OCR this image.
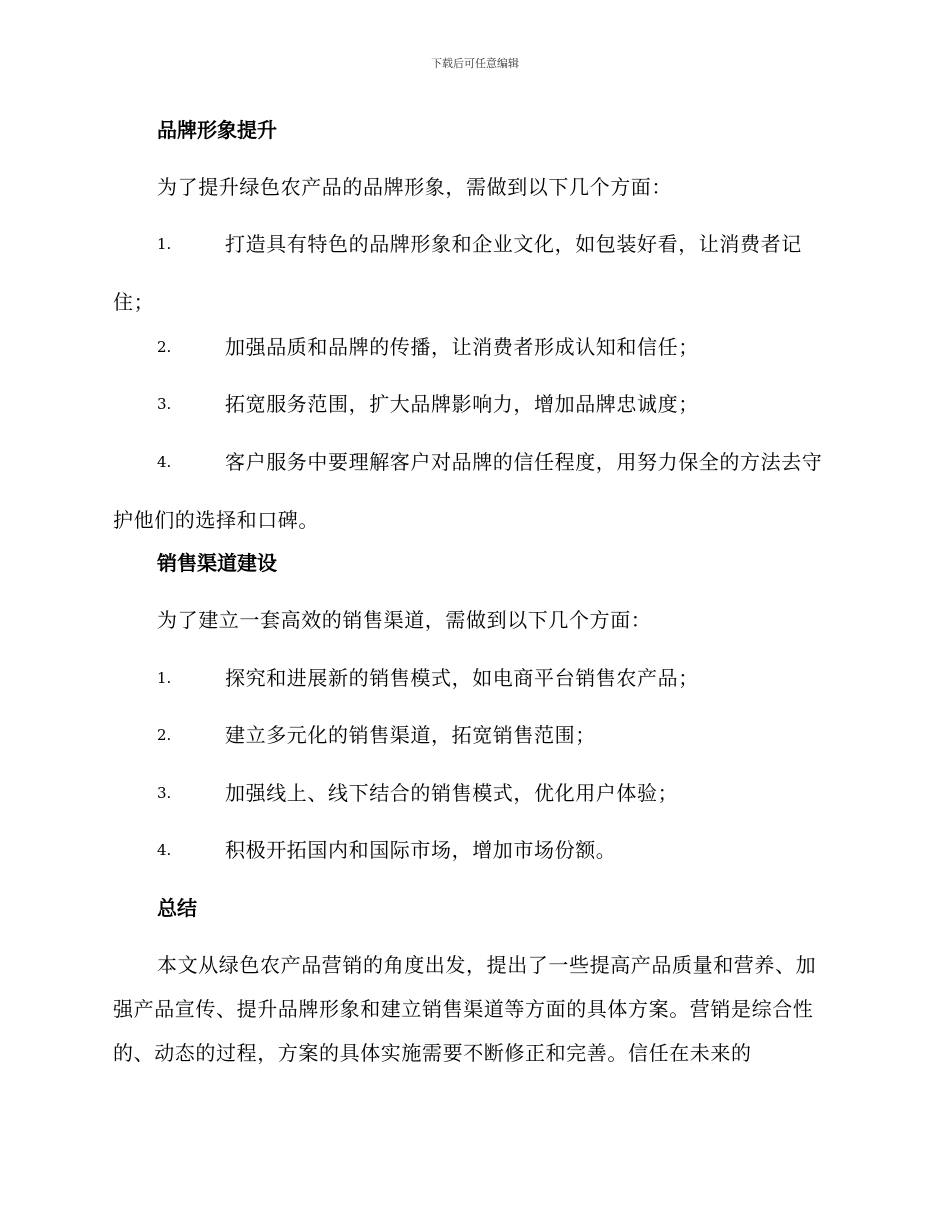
下载后可任意编辑
品牌形象提升
为了提升绿色农产品的品牌形象，需做到以下几个方面：
1.	打造具有特色的品牌形象和企业文化，如包装好看，让消费者记住；
2.	加强品质和品牌的传播，让消费者形成认知和信任；
3.	拓宽服务范围，扩大品牌影响力，增加品牌忠诚度；
4.	客户服务中要理解客户对品牌的信任程度，用努力保全的方法去守护他们的选择和口碑。
销售渠道建设
为了建立一套高效的销售渠道，需做到以下几个方面：
1.	探究和进展新的销售模式，如电商平台销售农产品；
2.	建立多元化的销售渠道，拓宽销售范围；
3.	加强线上、线下结合的销售模式，优化用户体验；
4.	积极开拓国内和国际市场，增加市场份额。
总结
本文从绿色农产品营销的角度出发，提出了一些提高产品质量和营养、加强产品宣传、提升品牌形象和建立销售渠道等方面的具体方案。营销是综合性的、动态的过程，方案的具体实施需要不断修正和完善。信任在未来的
